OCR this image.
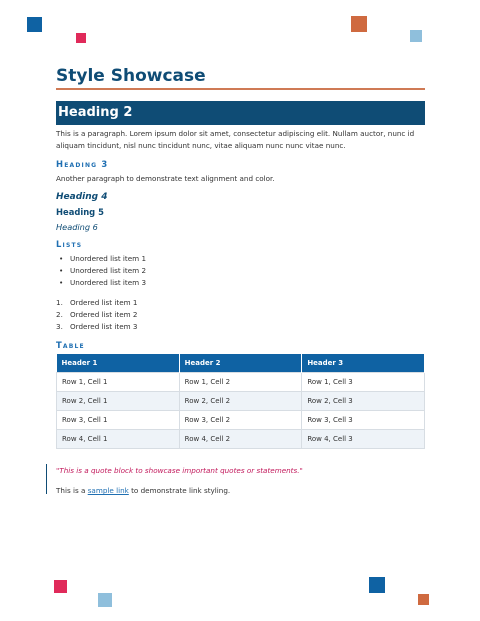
Style Showcase
Heading 2
This is a paragraph. Lorem ipsum dolor sit amet, consectetur adipiscing elit. Nullam auctor, nunc id
aliquam tincidunt, nisl nunc tincidunt nunc, vitae aliquam nunc nunc vitae nunc.
Heading 3
Another paragraph to demonstrate text alignment and color.
Heading 4
Heading 5
Heading 6
Lists
• Unordered list item 1
• Unordered list item 2
• Unordered list item 3
1. Ordered list item 1
2. Ordered list item 2
3. Ordered list item 3
Table
Header 1	Header 2	Header 3
Row 1, Cell 1	Row 1, Cell 2	Row 1, Cell 3
Row 2, Cell 1	Row 2, Cell 2	Row 2, Cell 3
Row 3, Cell 1	Row 3, Cell 2	Row 3, Cell 3
Row 4, Cell 1	Row 4, Cell 2	Row 4, Cell 3
"This is a quote block to showcase important quotes or statements."
This is a sample link to demonstrate link styling.
